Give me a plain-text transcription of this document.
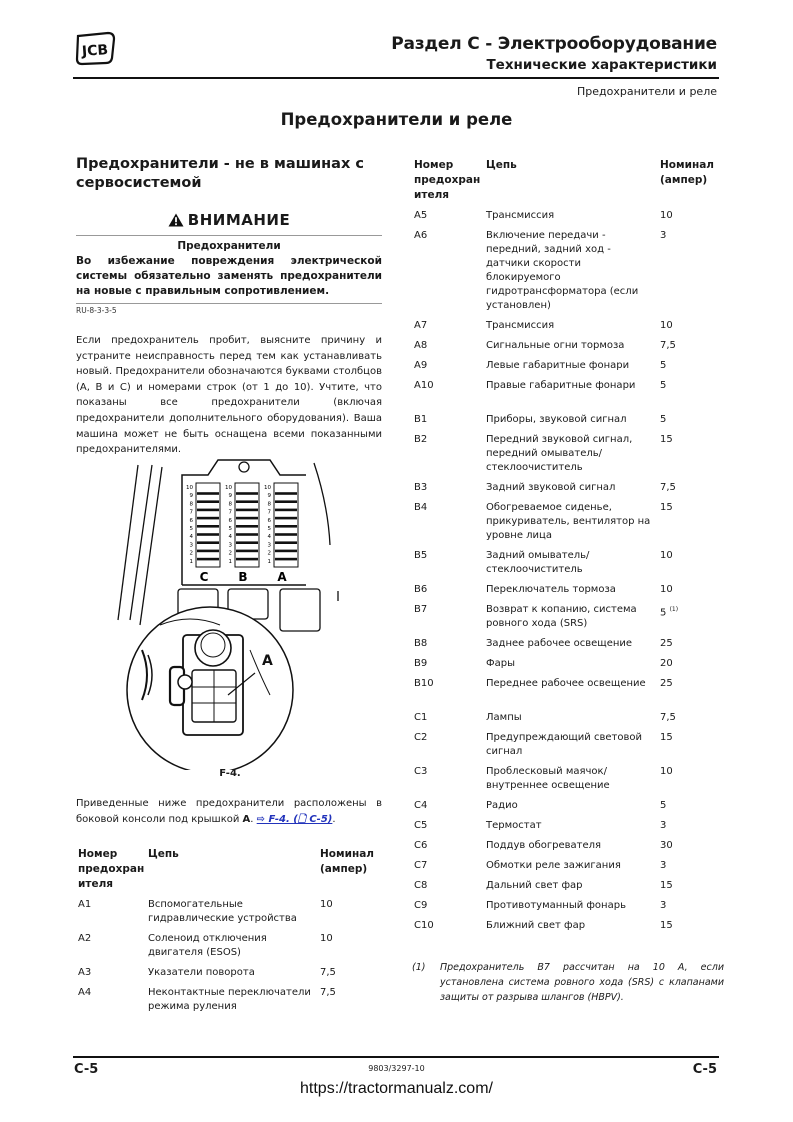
JCB	Раздел С - Электрооборудование
Технические характеристики
Предохранители и реле
Предохранители и реле
Предохранители - не в машинах с сервосистемой
ВНИМАНИЕ
Предохранители
Во избежание повреждения электрической системы обязательно заменять предохранители на новые с правильным сопротивлением.
RU-8-3-3-5
Если предохранитель пробит, выясните причину и устраните неисправность перед тем как устанавливать новый. Предохранители обозначаются буквами столбцов (A, B и C) и номерами строк (от 1 до 10). Учтите, что показаны все предохранители (включая предохранители дополнительного оборудования). Ваша машина может не быть оснащена всеми показанными предохранителями.
10
9
8
7
6
5
4
3
2
1
C
10
9
8
7
6
5
4
3
2
1
B
10
9
8
7
6
5
4
3
2
1
A
A
F-4.
Приведенные ниже предохранители расположены в боковой консоли под крышкой A. ⇨ F-4. (🗋 C-5).
Номер предохран ителя	Цепь	Номинал (ампер)
A1	Вспомогательные гидравлические устройства	10
A2	Соленоид отключения двигателя (ESOS)	10
A3	Указатели поворота	7,5
A4	Неконтактные переключатели режима руления	7,5
Номер предохран ителя	Цепь	Номинал (ампер)
A5	Трансмиссия	10
A6	Включение передачи - передний, задний ход - датчики скорости блокируемого гидротрансформатора (если установлен)	3
A7	Трансмиссия	10
A8	Сигнальные огни тормоза	7,5
A9	Левые габаритные фонари	5
A10	Правые габаритные фонари	5

B1	Приборы, звуковой сигнал	5
B2	Передний звуковой сигнал, передний омыватель/ стеклоочиститель	15
B3	Задний звуковой сигнал	7,5
B4	Обогреваемое сиденье, прикуриватель, вентилятор на уровне лица	15
B5	Задний омыватель/ стеклоочиститель	10
B6	Переключатель тормоза	10
B7	Возврат к копанию, система ровного хода (SRS)	5 $^{(1)}$
B8	Заднее рабочее освещение	25
B9	Фары	20
B10	Переднее рабочее освещение	25

C1	Лампы	7,5
C2	Предупреждающий световой сигнал	15
C3	Проблесковый маячок/ внутреннее освещение	10
C4	Радио	5
C5	Термостат	3
C6	Поддув обогревателя	30
C7	Обмотки реле зажигания	3
C8	Дальний свет фар	15
C9	Противотуманный фонарь	3
C10	Ближний свет фар	15
(1)	Предохранитель B7 рассчитан на 10 A, если установлена система ровного хода (SRS) с клапанами защиты от разрыва шлангов (HBPV).
C-5	9803/3297-10	C-5
https://tractormanualz.com/
